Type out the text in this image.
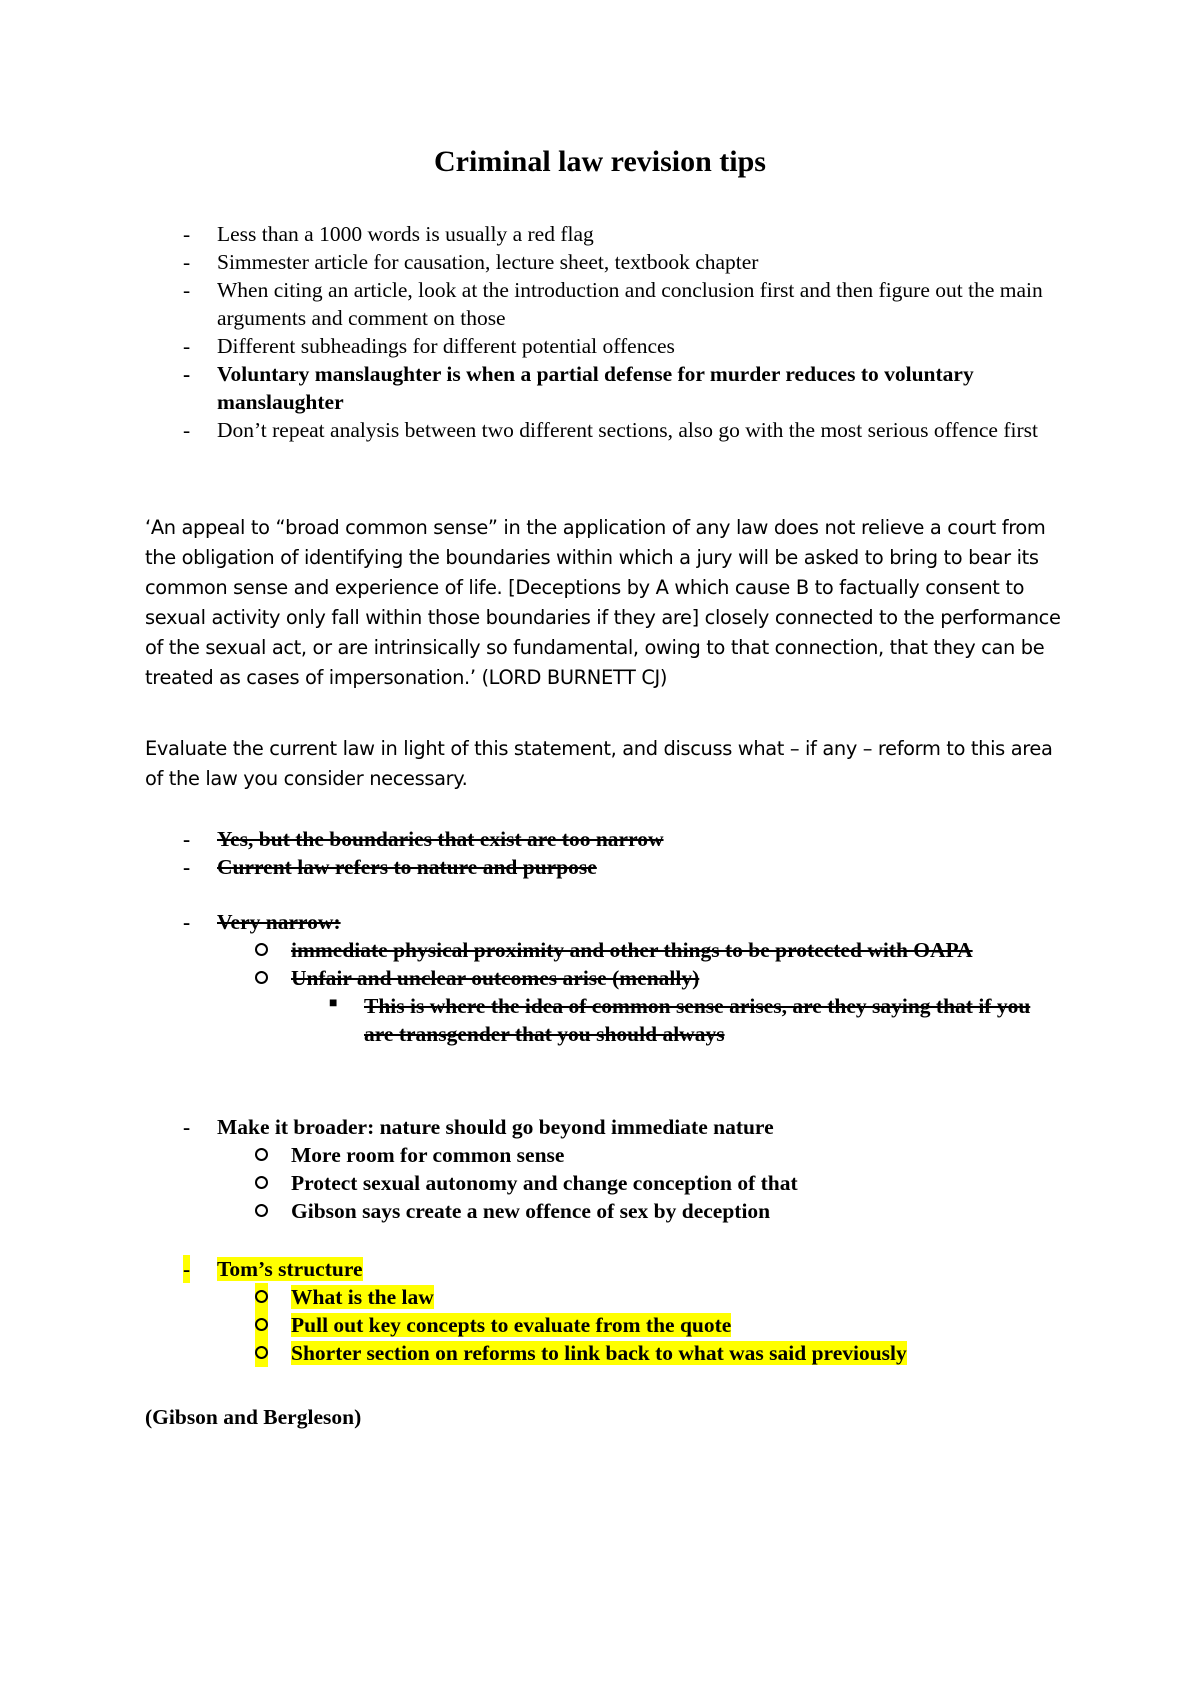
Criminal law revision tips
- Less than a 1000 words is usually a red flag
- Simmester article for causation, lecture sheet, textbook chapter
- When citing an article, look at the introduction and conclusion first and then figure out the main arguments and comment on those
- Different subheadings for different potential offences
- Voluntary manslaughter is when a partial defense for murder reduces to voluntary manslaughter
- Don’t repeat analysis between two different sections, also go with the most serious offence first

‘An appeal to “broad common sense” in the application of any law does not relieve a court from the obligation of identifying the boundaries within which a jury will be asked to bring to bear its common sense and experience of life. [Deceptions by A which cause B to factually consent to sexual activity only fall within those boundaries if they are] closely connected to the performance of the sexual act, or are intrinsically so fundamental, owing to that connection, that they can be treated as cases of impersonation.’ (LORD BURNETT CJ)

Evaluate the current law in light of this statement, and discuss what – if any – reform to this area of the law you consider necessary.

- Yes, but the boundaries that exist are too narrow
- Current law refers to nature and purpose
- Very narrow:
immediate physical proximity and other things to be protected with OAPA
Unfair and unclear outcomes arise (menally)
■ This is where the idea of common sense arises, are they saying that if you are transgender that you should always
- Make it broader: nature should go beyond immediate nature
More room for common sense
Protect sexual autonomy and change conception of that
Gibson says create a new offence of sex by deception
- Tom’s structure
What is the law
Pull out key concepts to evaluate from the quote
Shorter section on reforms to link back to what was said previously
(Gibson and Bergleson)
